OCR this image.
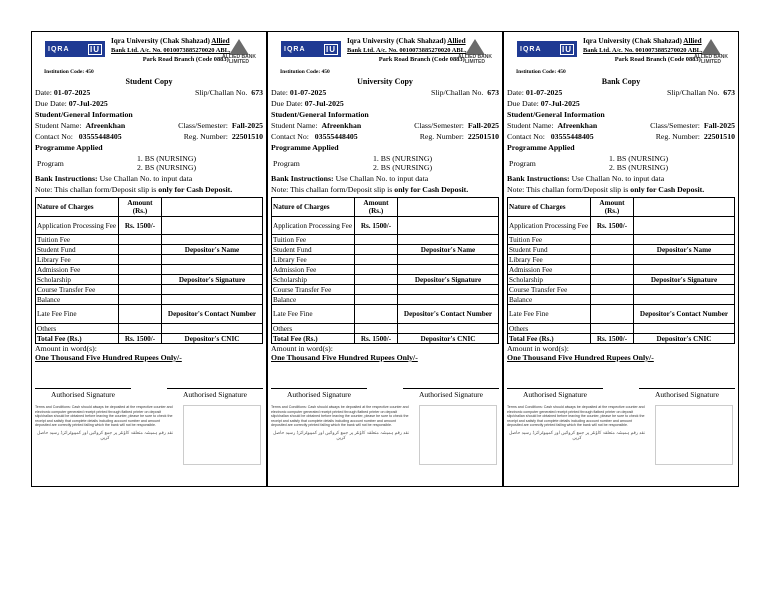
IQRA	IU
Iqra University (Chak Shahzad) Allied
Bank Ltd. A/c. No. 0010073885270020 ABL,
Park Road Branch (Code 0883)
ALLIED BANK LIMITED
Institution Code: 450
Student Copy
Date: 01-07-2025	Slip/Challan No. 673
Due Date: 07-Jul-2025
Student/General Information
Student Name: Afreenkhan	Class/Semester: Fall-2025
Contact No: 03555448405	Reg. Number: 22501510
Programme Applied
Program	1. BS (NURSING)
2. BS (NURSING)
Bank Instructions: Use Challan No. to input data
Note: This challan form/Deposit slip is only for Cash Deposit.
Nature of Charges	Amount (Rs.)	
Application Processing Fee	Rs. 1500/-	
Tuition Fee		
Student Fund		Depositor's Name
Library Fee		
Admission Fee		
Scholarship		Depositor's Signature
Course Transfer Fee		
Balance		
Late Fee Fine		Depositor's Contact Number
Others		
Total Fee (Rs.)	Rs. 1500/-	Depositor's CNIC
Amount in word(s):
One Thousand Five Hundred Rupees Only/-
Authorised Signature	Authorised Signature
Terms and Conditions: Cash should always be deposited at the respective counter and electronic computer generated receipt printed through flatbed printer on deposit slip/challan should be obtained before leaving the counter, please be sure to check the receipt and satisfy that complete details including account number and amount deposited are correctly printed failing which the bank will not be responsible.
نقد رقم ہمیشہ متعلقہ کاؤنٹر پر جمع کروائیں اور کمپیوٹرائزڈ رسید حاصل کریں
IQRA	IU
Iqra University (Chak Shahzad) Allied
Bank Ltd. A/c. No. 0010073885270020 ABL,
Park Road Branch (Code 0883)
ALLIED BANK LIMITED
Institution Code: 450
University Copy
Date: 01-07-2025	Slip/Challan No. 673
Due Date: 07-Jul-2025
Student/General Information
Student Name: Afreenkhan	Class/Semester: Fall-2025
Contact No: 03555448405	Reg. Number: 22501510
Programme Applied
Program	1. BS (NURSING)
2. BS (NURSING)
Bank Instructions: Use Challan No. to input data
Note: This challan form/Deposit slip is only for Cash Deposit.
Nature of Charges	Amount (Rs.)	
Application Processing Fee	Rs. 1500/-	
Tuition Fee		
Student Fund		Depositor's Name
Library Fee		
Admission Fee		
Scholarship		Depositor's Signature
Course Transfer Fee		
Balance		
Late Fee Fine		Depositor's Contact Number
Others		
Total Fee (Rs.)	Rs. 1500/-	Depositor's CNIC
Amount in word(s):
One Thousand Five Hundred Rupees Only/-
Authorised Signature	Authorised Signature
Terms and Conditions: Cash should always be deposited at the respective counter and electronic computer generated receipt printed through flatbed printer on deposit slip/challan should be obtained before leaving the counter, please be sure to check the receipt and satisfy that complete details including account number and amount deposited are correctly printed failing which the bank will not be responsible.
نقد رقم ہمیشہ متعلقہ کاؤنٹر پر جمع کروائیں اور کمپیوٹرائزڈ رسید حاصل کریں
IQRA	IU
Iqra University (Chak Shahzad) Allied
Bank Ltd. A/c. No. 0010073885270020 ABL,
Park Road Branch (Code 0883)
ALLIED BANK LIMITED
Institution Code: 450
Bank Copy
Date: 01-07-2025	Slip/Challan No. 673
Due Date: 07-Jul-2025
Student/General Information
Student Name: Afreenkhan	Class/Semester: Fall-2025
Contact No: 03555448405	Reg. Number: 22501510
Programme Applied
Program	1. BS (NURSING)
2. BS (NURSING)
Bank Instructions: Use Challan No. to input data
Note: This challan form/Deposit slip is only for Cash Deposit.
Nature of Charges	Amount (Rs.)	
Application Processing Fee	Rs. 1500/-	
Tuition Fee		
Student Fund		Depositor's Name
Library Fee		
Admission Fee		
Scholarship		Depositor's Signature
Course Transfer Fee		
Balance		
Late Fee Fine		Depositor's Contact Number
Others		
Total Fee (Rs.)	Rs. 1500/-	Depositor's CNIC
Amount in word(s):
One Thousand Five Hundred Rupees Only/-
Authorised Signature	Authorised Signature
Terms and Conditions: Cash should always be deposited at the respective counter and electronic computer generated receipt printed through flatbed printer on deposit slip/challan should be obtained before leaving the counter, please be sure to check the receipt and satisfy that complete details including account number and amount deposited are correctly printed failing which the bank will not be responsible.
نقد رقم ہمیشہ متعلقہ کاؤنٹر پر جمع کروائیں اور کمپیوٹرائزڈ رسید حاصل کریں
